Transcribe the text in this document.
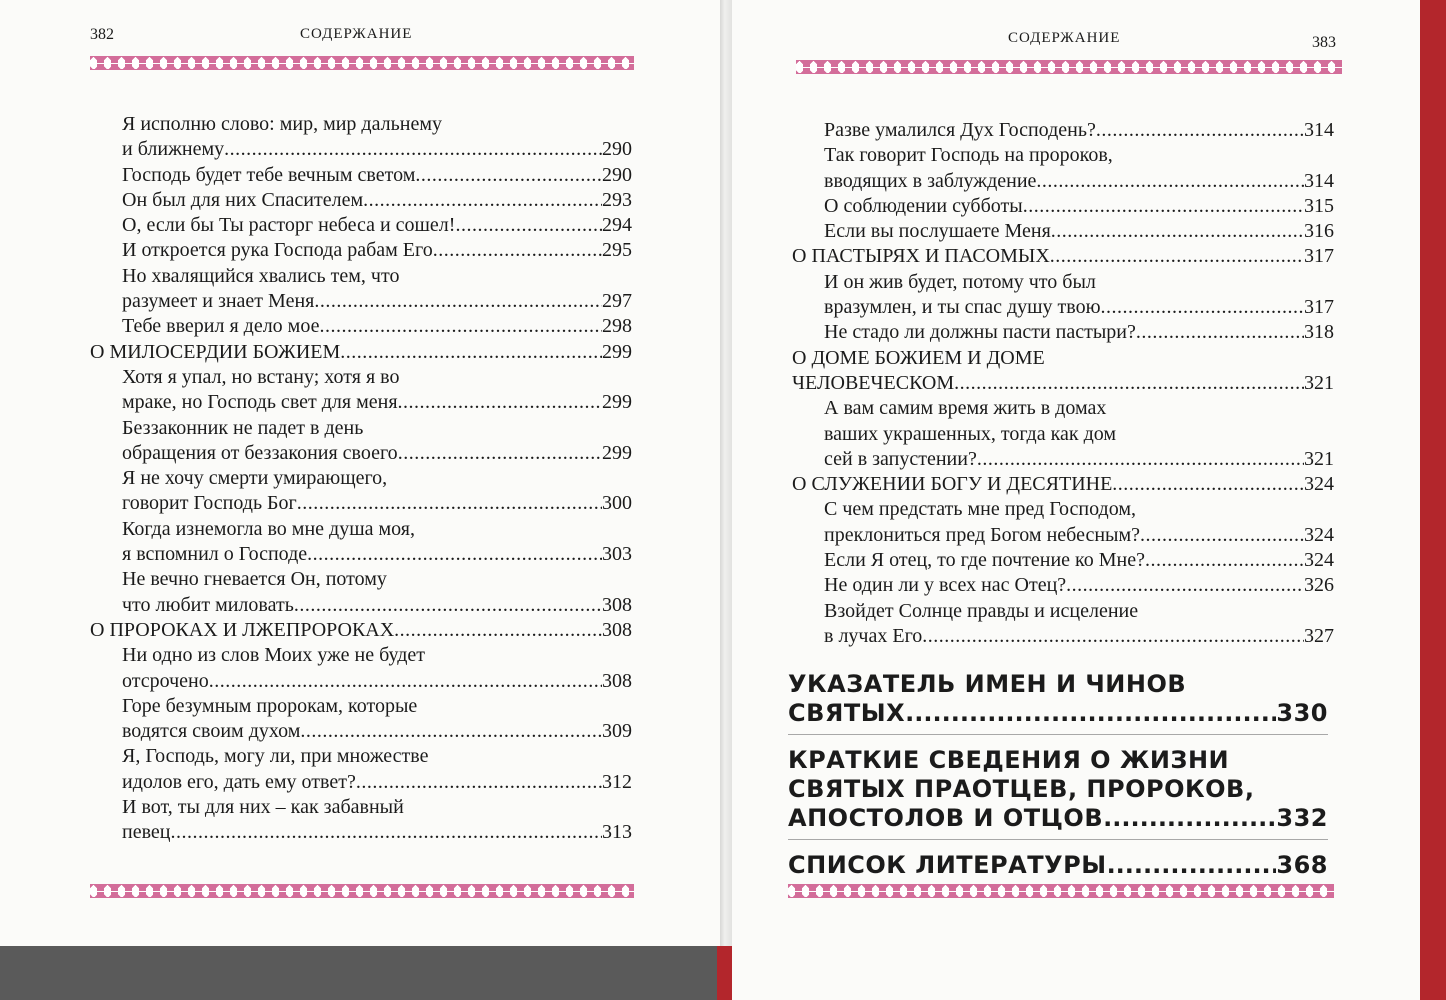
382	СОДЕРЖАНИЕ
Я исполню слово: мир, мир дальнему
и ближнему .....	290
Господь будет тебе вечным светом .....	290
Он был для них Спасителем .....	293
О, если бы Ты расторг небеса и сошел! .....	294
И откроется рука Господа рабам Его .....	295
Но хвалящийся хвались тем, что
разумеет и знает Меня .....	297
Тебе вверил я дело мое .....	298
О МИЛОСЕРДИИ БОЖИЕМ .....	299
Хотя я упал, но встану; хотя я во
мраке, но Господь свет для меня .....	299
Беззаконник не падет в день
обращения от беззакония своего .....	299
Я не хочу смерти умирающего,
говорит Господь Бог .....	300
Когда изнемогла во мне душа моя,
я вспомнил о Господе .....	303
Не вечно гневается Он, потому
что любит миловать .....	308
О ПРОРОКАХ И ЛЖЕПРОРОКАХ .....	308
Ни одно из слов Моих уже не будет
отсрочено .....	308
Горе безумным пророкам, которые
водятся своим духом .....	309
Я, Господь, могу ли, при множестве
идолов его, дать ему ответ? .....	312
И вот, ты для них – как забавный
певец .....	313
СОДЕРЖАНИЕ	383
Разве умалился Дух Господень? .....	314
Так говорит Господь на пророков,
вводящих в заблуждение .....	314
О соблюдении субботы .....	315
Если вы послушаете Меня .....	316
О ПАСТЫРЯХ И ПАСОМЫХ .....	317
И он жив будет, потому что был
вразумлен, и ты спас душу твою .....	317
Не стадо ли должны пасти пастыри? .....	318
О ДОМЕ БОЖИЕМ И ДОМЕ
ЧЕЛОВЕЧЕСКОМ .....	321
А вам самим время жить в домах
ваших украшенных, тогда как дом
сей в запустении? .....	321
О СЛУЖЕНИИ БОГУ И ДЕСЯТИНЕ .....	324
С чем предстать мне пред Господом,
преклониться пред Богом небесным? .....	324
Если Я отец, то где почтение ко Мне? .....	324
Не один ли у всех нас Отец? .....	326
Взойдет Солнце правды и исцеление
в лучах Его .....	327
УКАЗАТЕЛЬ ИМЕН И ЧИНОВ
СВЯТЫХ .....	330
КРАТКИЕ СВЕДЕНИЯ О ЖИЗНИ
СВЯТЫХ ПРАОТЦЕВ, ПРОРОКОВ,
АПОСТОЛОВ И ОТЦОВ .....	332
СПИСОК ЛИТЕРАТУРЫ .....	368
